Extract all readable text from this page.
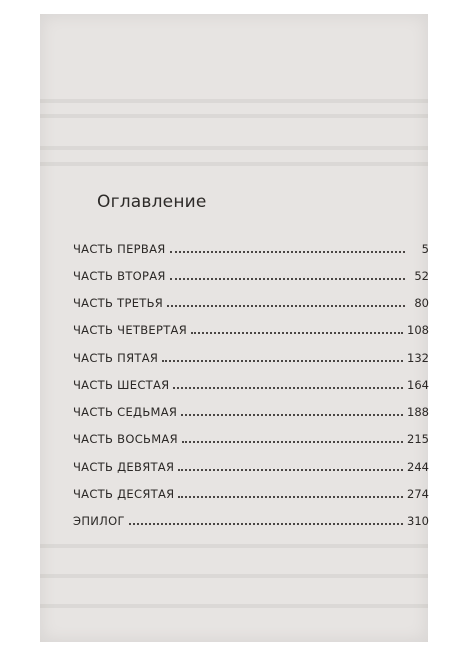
Оглавление
ЧАСТЬ ПЕРВАЯ	5
ЧАСТЬ ВТОРАЯ	52
ЧАСТЬ ТРЕТЬЯ	80
ЧАСТЬ ЧЕТВЕРТАЯ	108
ЧАСТЬ ПЯТАЯ	132
ЧАСТЬ ШЕСТАЯ	164
ЧАСТЬ СЕДЬМАЯ	188
ЧАСТЬ ВОСЬМАЯ	215
ЧАСТЬ ДЕВЯТАЯ	244
ЧАСТЬ ДЕСЯТАЯ	274
ЭПИЛОГ	310
